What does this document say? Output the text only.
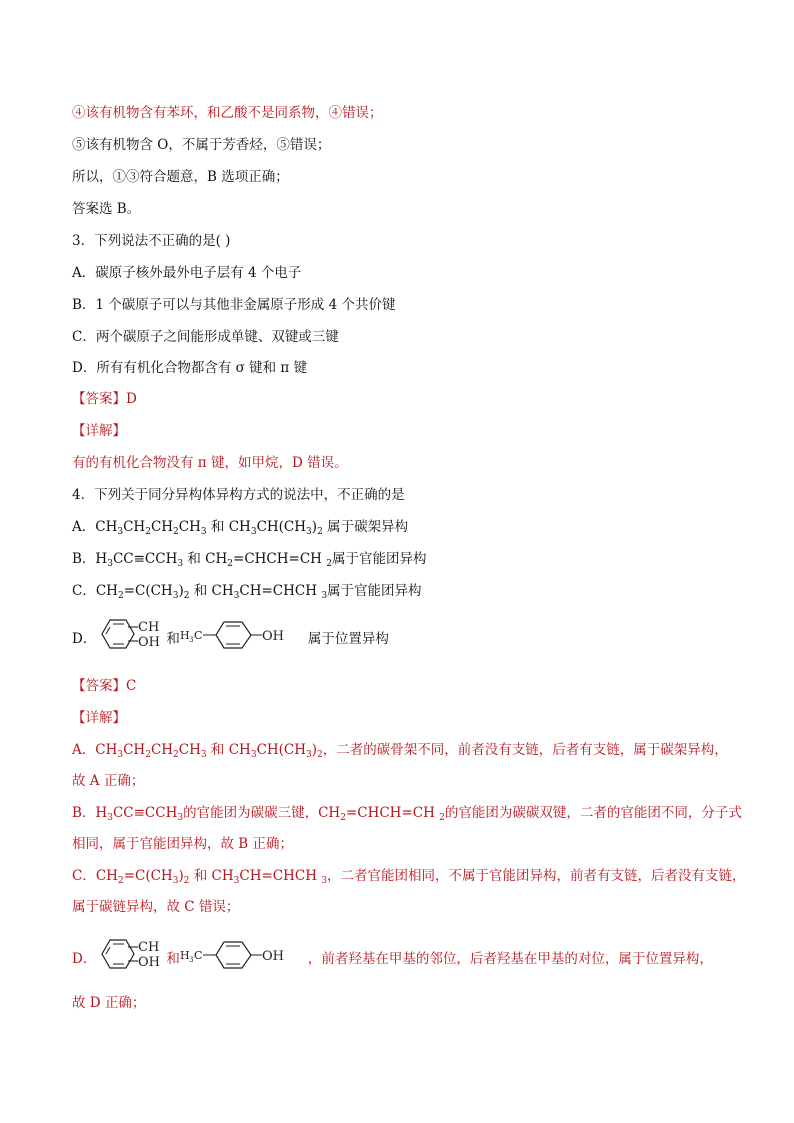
④该有机物含有苯环，和乙酸不是同系物，④错误；
⑤该有机物含 O，不属于芳香烃，⑤错误；
所以，①③符合题意，B 选项正确；
答案选 B。
3．下列说法不正确的是( )
A．碳原子核外最外电子层有 4 个电子
B．1 个碳原子可以与其他非金属原子形成 4 个共价键
C．两个碳原子之间能形成单键、双键或三键
D．所有有机化合物都含有 σ 键和 π 键
【答案】D
【详解】
有的有机化合物没有 π 键，如甲烷，D 错误。
4．下列关于同分异构体异构方式的说法中，不正确的是
A．$CH_3CH_2CH_2CH_3$ 和 $CH_3CH(CH_3)_2$ 属于碳架异构
B．$H_3CC\equiv CCH_3$ 和 $CH_2=CHCH=CH$ $_2$属于官能团异构
C．$CH_2=C(CH_3)_2$ 和 $CH_3CH=CHCH$ $_3$属于官能团异构
D．
CH
OH 和 H 3 C	OH 属于位置异构
【答案】C
【详解】
A．$CH_3CH_2CH_2CH_3$ 和 $CH_3CH(CH_3)_2$，二者的碳骨架不同，前者没有支链，后者有支链，属于碳架异构，
故 A 正确；
B．$H_3CC\equiv CCH_3$的官能团为碳碳三键，$CH_2=CHCH=CH$ $_2$的官能团为碳碳双键，二者的官能团不同，分子式
相同，属于官能团异构，故 B 正确；
C．$CH_2=C(CH_3)_2$ 和 $CH_3CH=CHCH$ $_3$，二者官能团相同，不属于官能团异构，前者有支链，后者没有支链，
属于碳链异构，故 C 错误；
D．
CH
OH 和 H 3 C	OH ，前者羟基在甲基的邻位，后者羟基在甲基的对位，属于位置异构，
故 D 正确；
